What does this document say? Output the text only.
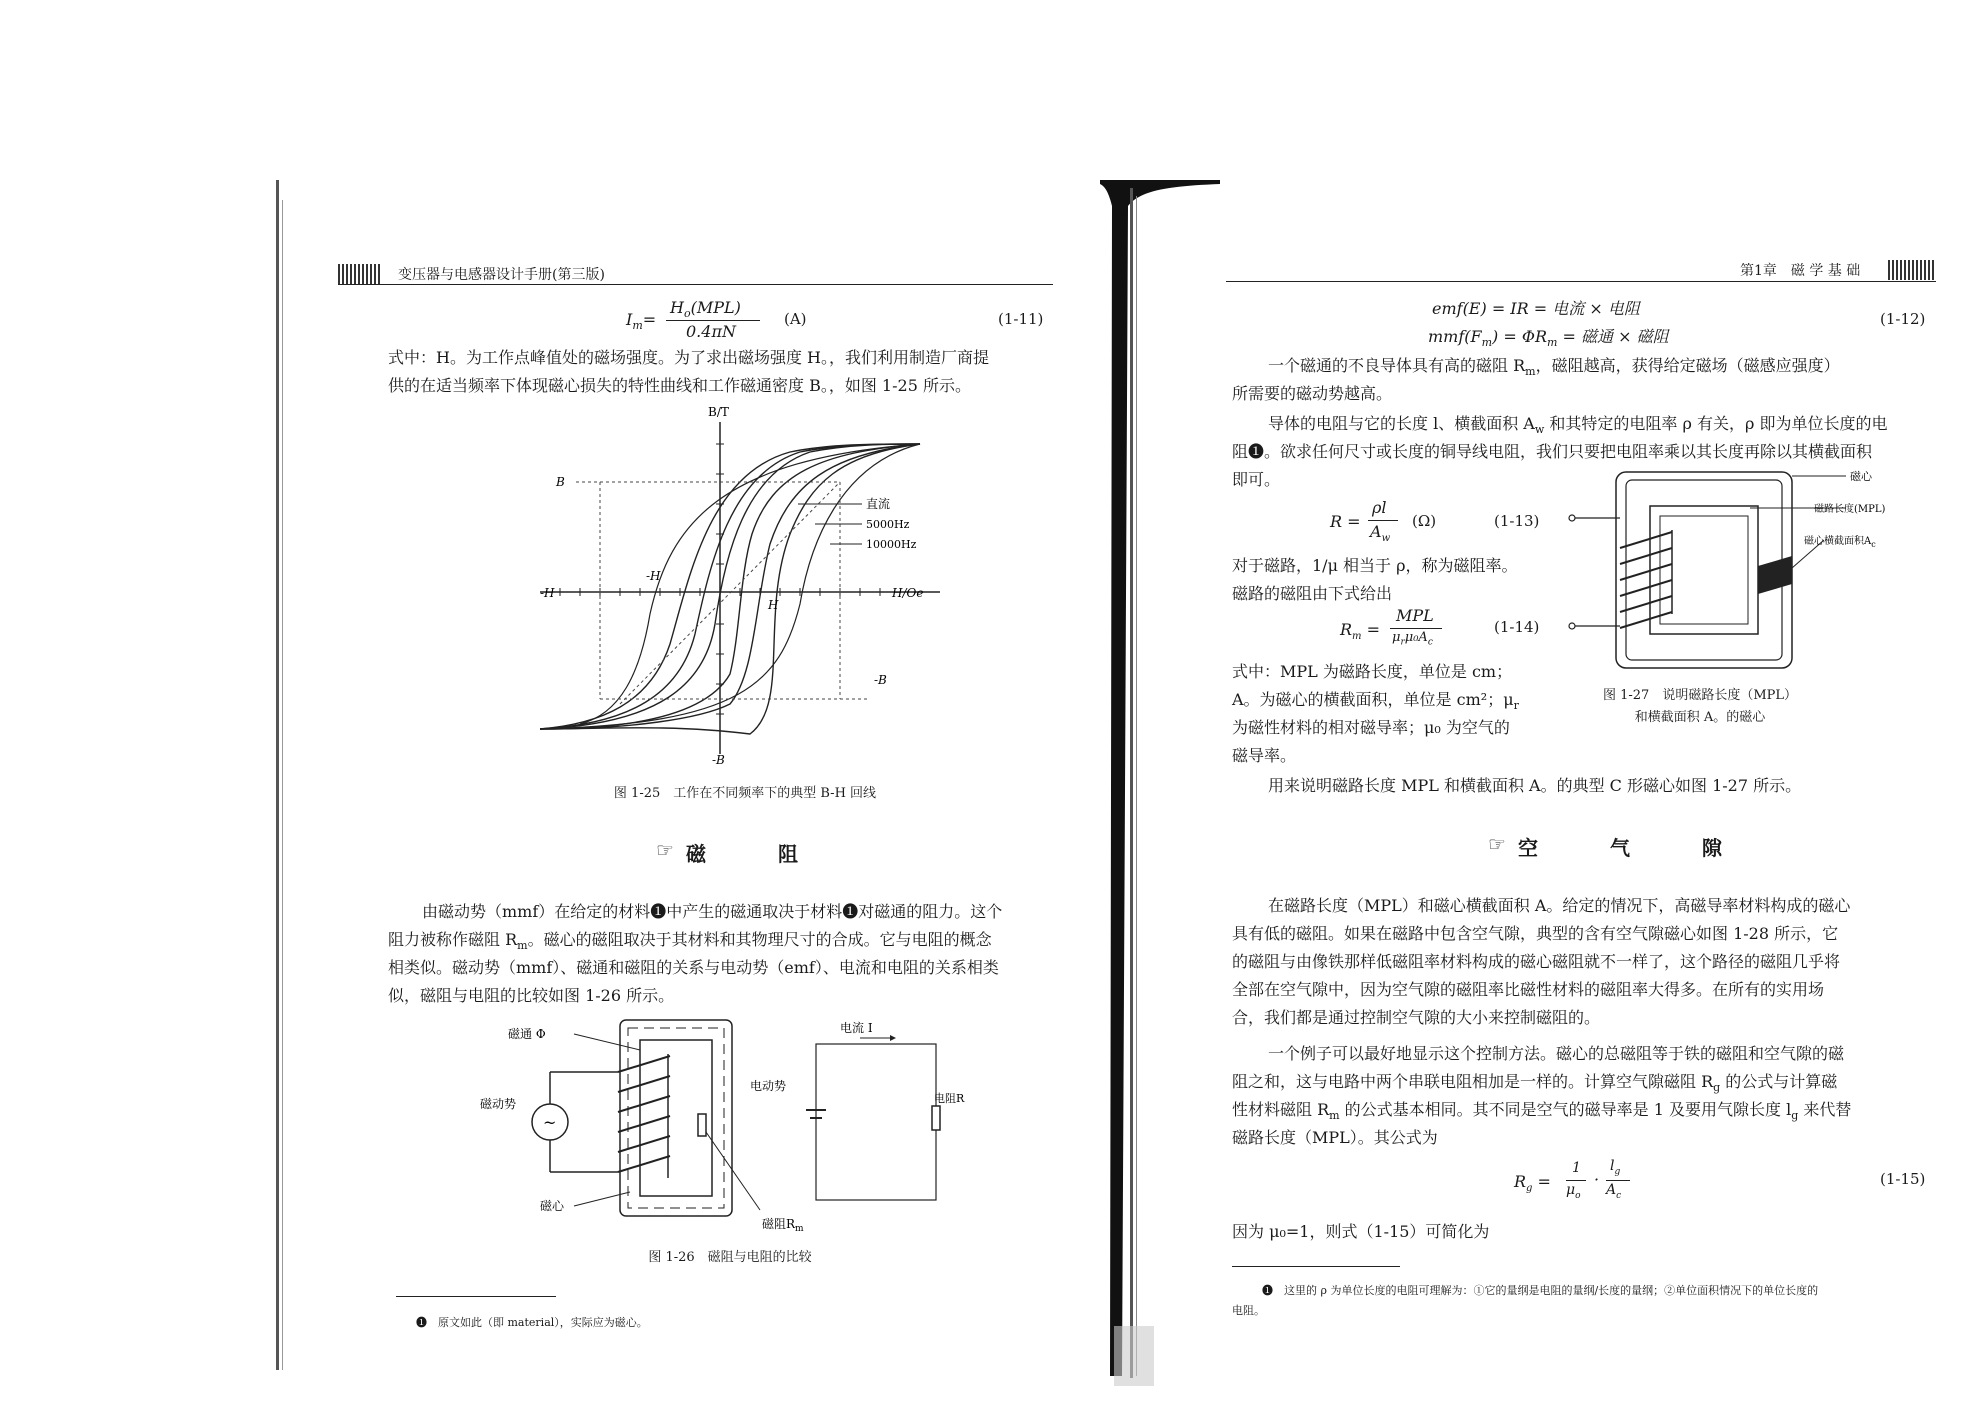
变压器与电感器设计手册(第三版)
$I_m=$
$H_o(MPL)$
0.4πN
(A)	(1-11)
式中：H。为工作点峰值处的磁场强度。为了求出磁场强度 H。，我们利用制造厂商提
供的在适当频率下体现磁心损失的特性曲线和工作磁通密度 B。，如图 1-25 所示。
B/T
H/Oe
-H
-B
B
-B
H
-H
直流
5000Hz
10000Hz
图 1-25　工作在不同频率下的典型 B-H 回线
☞ 磁　阻
由磁动势（mmf）在给定的材料❶中产生的磁通取决于材料❶对磁通的阻力。这个
阻力被称作磁阻 $R_m$。磁心的磁阻取决于其材料和其物理尺寸的合成。它与电阻的概念
相类似。磁动势（mmf）、磁通和磁阻的关系与电动势（emf）、电流和电阻的关系相类
似，磁阻与电阻的比较如图 1-26 所示。
~
磁通 Φ
磁动势
磁心
磁阻$R_m$
电流 I
电动势
电阻R
图 1-26　磁阻与电阻的比较
❶　原文如此（即 material），实际应为磁心。
第1章　磁 学 基 础
emf(E) = IR = 电流 × 电阻
$mmf(F_m) = \Phi R_m$ = 磁通 × 磁阻
(1-12)
一个磁通的不良导体具有高的磁阻 $R_m$，磁阻越高，获得给定磁场（磁感应强度）
所需要的磁动势越高。
导体的电阻与它的长度 l、横截面积 $A_w$ 和其特定的电阻率 ρ 有关，ρ 即为单位长度的电
阻❶。欲求任何尺寸或长度的铜导线电阻，我们只要把电阻率乘以其长度再除以其横截面积
即可。
R =
ρl
$A_w$
(Ω)	(1-13)
对于磁路，1/μ 相当于 ρ，称为磁阻率。
磁路的磁阻由下式给出
$R_m$ =
MPL
$\mu_r\mu_0A_c$
(1-14)
式中：MPL 为磁路长度，单位是 cm；
A。为磁心的横截面积，单位是 cm²；$\mu_r$
为磁性材料的相对磁导率；μ₀ 为空气的
磁导率。
磁心
磁路长度(MPL)
磁心横截面积$A_c$
图 1-27　说明磁路长度（MPL）
和横截面积 A。的磁心
用来说明磁路长度 MPL 和横截面积 A。的典型 C 形磁心如图 1-27 所示。
☞ 空　气　隙
在磁路长度（MPL）和磁心横截面积 A。给定的情况下，高磁导率材料构成的磁心
具有低的磁阻。如果在磁路中包含空气隙，典型的含有空气隙磁心如图 1-28 所示，它
的磁阻与由像铁那样低磁阻率材料构成的磁心磁阻就不一样了，这个路径的磁阻几乎将
全部在空气隙中，因为空气隙的磁阻率比磁性材料的磁阻率大得多。在所有的实用场
合，我们都是通过控制空气隙的大小来控制磁阻的。
一个例子可以最好地显示这个控制方法。磁心的总磁阻等于铁的磁阻和空气隙的磁
阻之和，这与电路中两个串联电阻相加是一样的。计算空气隙磁阻 $R_g$ 的公式与计算磁
性材料磁阻 $R_m$ 的公式基本相同。其不同是空气的磁导率是 1 及要用气隙长度 $l_g$ 来代替
磁路长度（MPL）。其公式为
$R_g$ =
1
$\mu_o$
·
$l_g$
$A_c$
(1-15)
因为 μ₀=1，则式（1-15）可简化为
❶　这里的 ρ 为单位长度的电阻可理解为：①它的量纲是电阻的量纲/长度的量纲；②单位面积情况下的单位长度的
电阻。
